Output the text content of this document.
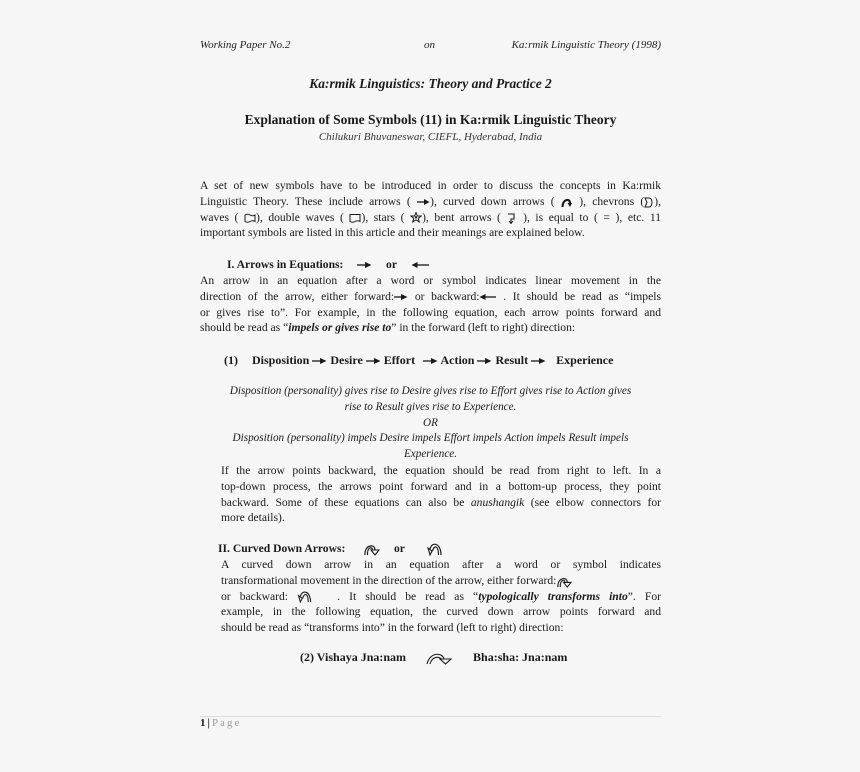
Working Paper No.2	on	Ka:rmik Linguistic Theory (1998)
Ka:rmik Linguistics: Theory and Practice 2
Explanation of Some Symbols (11) in Ka:rmik Linguistic Theory
Chilukuri Bhuvaneswar, CIEFL, Hyderabad, India
A set of new symbols have to be introduced in order to discuss the concepts in Ka:rmik
Linguistic Theory. These include arrows ( ), curved down arrows ( ), chevrons ( ),
waves ( ), double waves ( ), stars ( ), bent arrows ( ), is equal to ( = ), etc. 11
important symbols are listed in this article and their meanings are explained below.
I. Arrows in Equations:	or
An arrow in an equation after a word or symbol indicates linear movement in the
direction of the arrow, either forward: or backward: . It should be read as “impels
or gives rise to”. For example, in the following equation, each arrow points forward and
should be read as “impels or gives rise to” in the forward (left to right) direction:
(1) Disposition Desire Effort Action Result Experience
Disposition (personality) gives rise to Desire gives rise to Effort gives rise to Action gives
rise to Result gives rise to Experience.
OR
Disposition (personality) impels Desire impels Effort impels Action impels Result impels
Experience.
If the arrow points backward, the equation should be read from right to left. In a
top-down process, the arrows point forward and in a bottom-up process, they point
backward. Some of these equations can also be anushangik (see elbow connectors for
more details).
II. Curved Down Arrows:	or
A curved down arrow in an equation after a word or symbol indicates
transformational movement in the direction of the arrow, either forward:
or backward:	. It should be read as “typologically transforms into”. For
example, in the following equation, the curved down arrow points forward and
should be read as “transforms into” in the forward (left to right) direction:
(2) Vishaya Jna:nam	Bha:sha: Jna:nam
1 | Page
